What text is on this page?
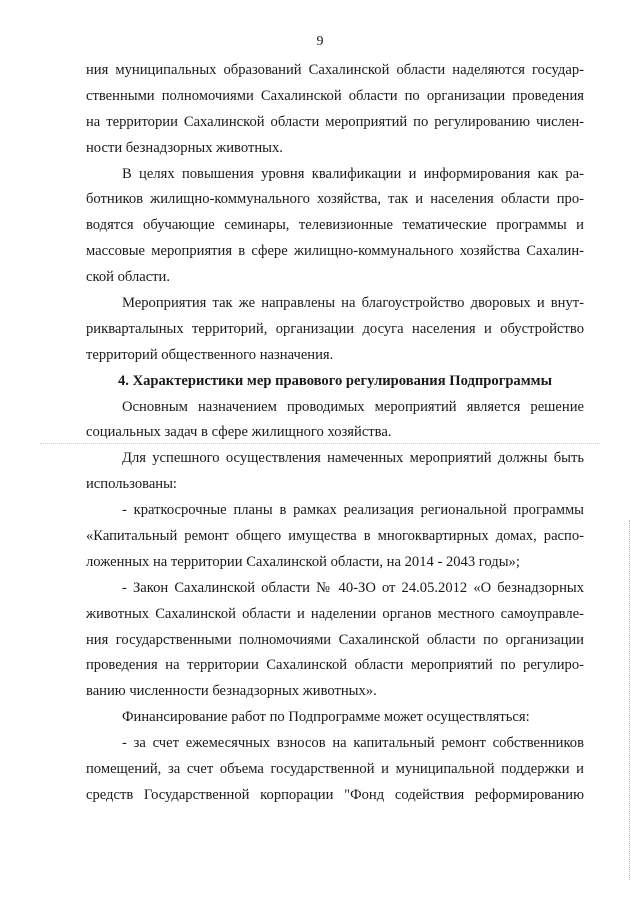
9
ния муниципальных образований Сахалинской области наделяются государ-
ственными полномочиями Сахалинской области по организации проведения
на территории Сахалинской области мероприятий по регулированию числен-
ности безнадзорных животных.
В целях повышения уровня квалификации и информирования как ра-
ботников жилищно-коммунального хозяйства, так и населения области про-
водятся обучающие семинары, телевизионные тематические программы и
массовые мероприятия в сфере жилищно-коммунального хозяйства Сахалин-
ской области.
Мероприятия так же направлены на благоустройство дворовых и внут-
рикварталыных территорий, организации досуга населения и обустройство
территорий общественного назначения.
4. Характеристики мер правового регулирования Подпрограммы
Основным назначением проводимых мероприятий является решение
социальных задач в сфере жилищного хозяйства.
Для успешного осуществления намеченных мероприятий должны быть
использованы:
- краткосрочные планы в рамках реализация региональной программы
«Капитальный ремонт общего имущества в многоквартирных домах, распо-
ложенных на территории Сахалинской области, на 2014 - 2043 годы»;
- Закон Сахалинской области № 40-ЗО от 24.05.2012 «О безнадзорных
животных Сахалинской области и наделении органов местного самоуправле-
ния государственными полномочиями Сахалинской области по организации
проведения на территории Сахалинской области мероприятий по регулиро-
ванию численности безнадзорных животных».
Финансирование работ по Подпрограмме может осуществляться:
- за счет ежемесячных взносов на капитальный ремонт собственников
помещений, за счет объема государственной и муниципальной поддержки и
средств Государственной корпорации "Фонд содействия реформированию
